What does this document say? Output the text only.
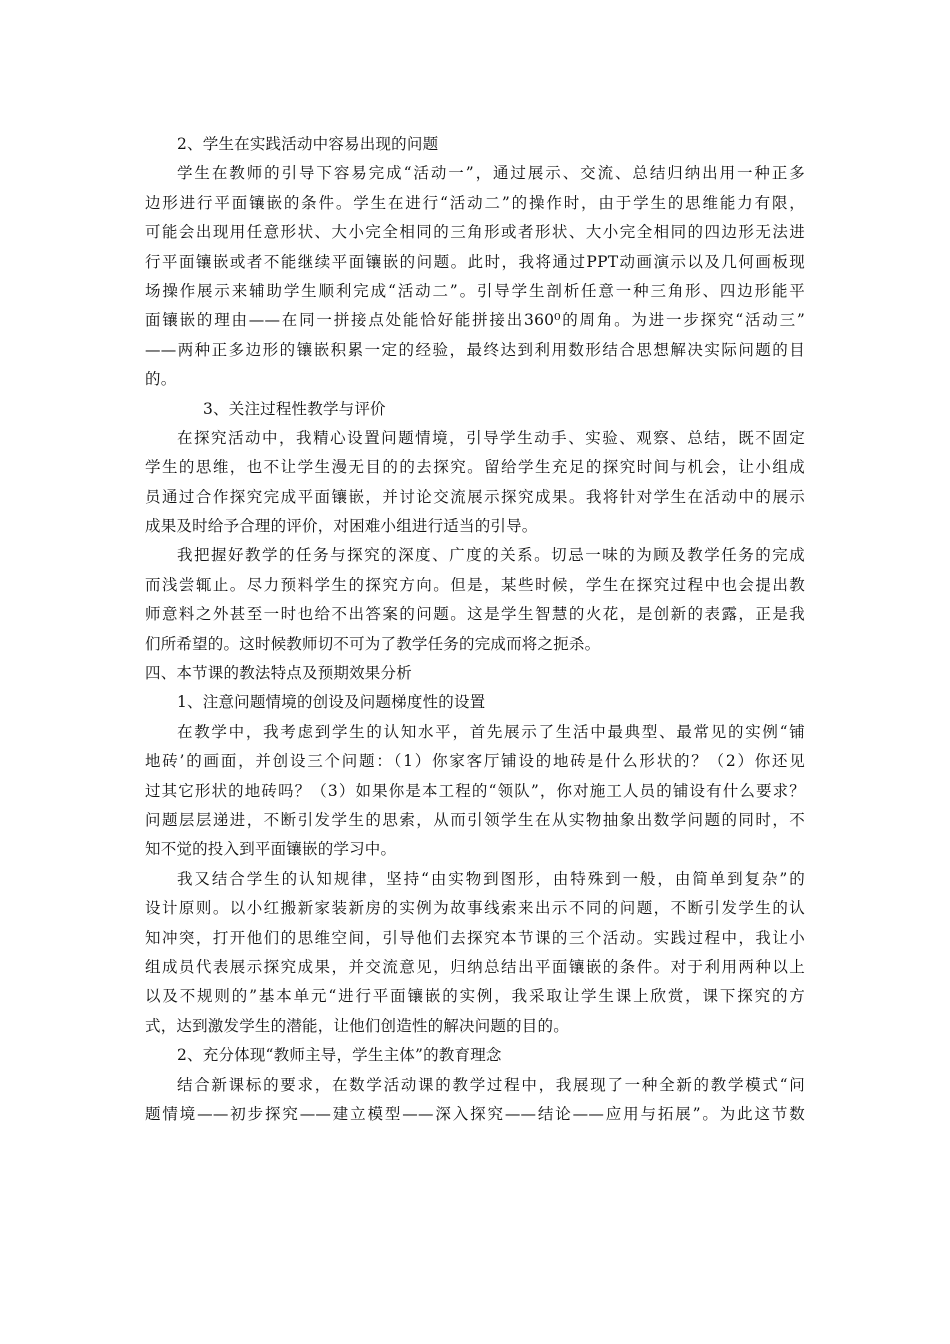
2、学生在实践活动中容易出现的问题
学生在教师的引导下容易完成“活动一”，通过展示、交流、总结归纳出用一种正多
边形进行平面镶嵌的条件。学生在进行“活动二”的操作时，由于学生的思维能力有限，
可能会出现用任意形状、大小完全相同的三角形或者形状、大小完全相同的四边形无法进
行平面镶嵌或者不能继续平面镶嵌的问题。此时，我将通过PPT动画演示以及几何画板现
场操作展示来辅助学生顺利完成“活动二”。引导学生剖析任意一种三角形、四边形能平
面镶嵌的理由——在同一拼接点处能恰好能拼接出360⁰的周角。为进一步探究“活动三”
——两种正多边形的镶嵌积累一定的经验，最终达到利用数形结合思想解决实际问题的目
的。
3、关注过程性教学与评价
在探究活动中，我精心设置问题情境，引导学生动手、实验、观察、总结，既不固定
学生的思维，也不让学生漫无目的的去探究。留给学生充足的探究时间与机会，让小组成
员通过合作探究完成平面镶嵌，并讨论交流展示探究成果。我将针对学生在活动中的展示
成果及时给予合理的评价，对困难小组进行适当的引导。
我把握好教学的任务与探究的深度、广度的关系。切忌一味的为顾及教学任务的完成
而浅尝辄止。尽力预料学生的探究方向。但是，某些时候，学生在探究过程中也会提出教
师意料之外甚至一时也给不出答案的问题。这是学生智慧的火花，是创新的表露，正是我
们所希望的。这时候教师切不可为了教学任务的完成而将之扼杀。
四、本节课的教法特点及预期效果分析
1、注意问题情境的创设及问题梯度性的设置
在教学中，我考虑到学生的认知水平，首先展示了生活中最典型、最常见的实例“铺
地砖’的画面，并创设三个问题：（1）你家客厅铺设的地砖是什么形状的？（2）你还见
过其它形状的地砖吗？（3）如果你是本工程的“领队”，你对施工人员的铺设有什么要求？
问题层层递进，不断引发学生的思索，从而引领学生在从实物抽象出数学问题的同时，不
知不觉的投入到平面镶嵌的学习中。
我又结合学生的认知规律，坚持“由实物到图形，由特殊到一般，由简单到复杂”的
设计原则。以小红搬新家装新房的实例为故事线索来出示不同的问题，不断引发学生的认
知冲突，打开他们的思维空间，引导他们去探究本节课的三个活动。实践过程中，我让小
组成员代表展示探究成果，并交流意见，归纳总结出平面镶嵌的条件。对于利用两种以上
以及不规则的”基本单元“进行平面镶嵌的实例，我采取让学生课上欣赏，课下探究的方
式，达到激发学生的潜能，让他们创造性的解决问题的目的。
2、充分体现“教师主导，学生主体”的教育理念
结合新课标的要求，在数学活动课的教学过程中，我展现了一种全新的教学模式“问
题情境——初步探究——建立模型——深入探究——结论——应用与拓展”。为此这节数
